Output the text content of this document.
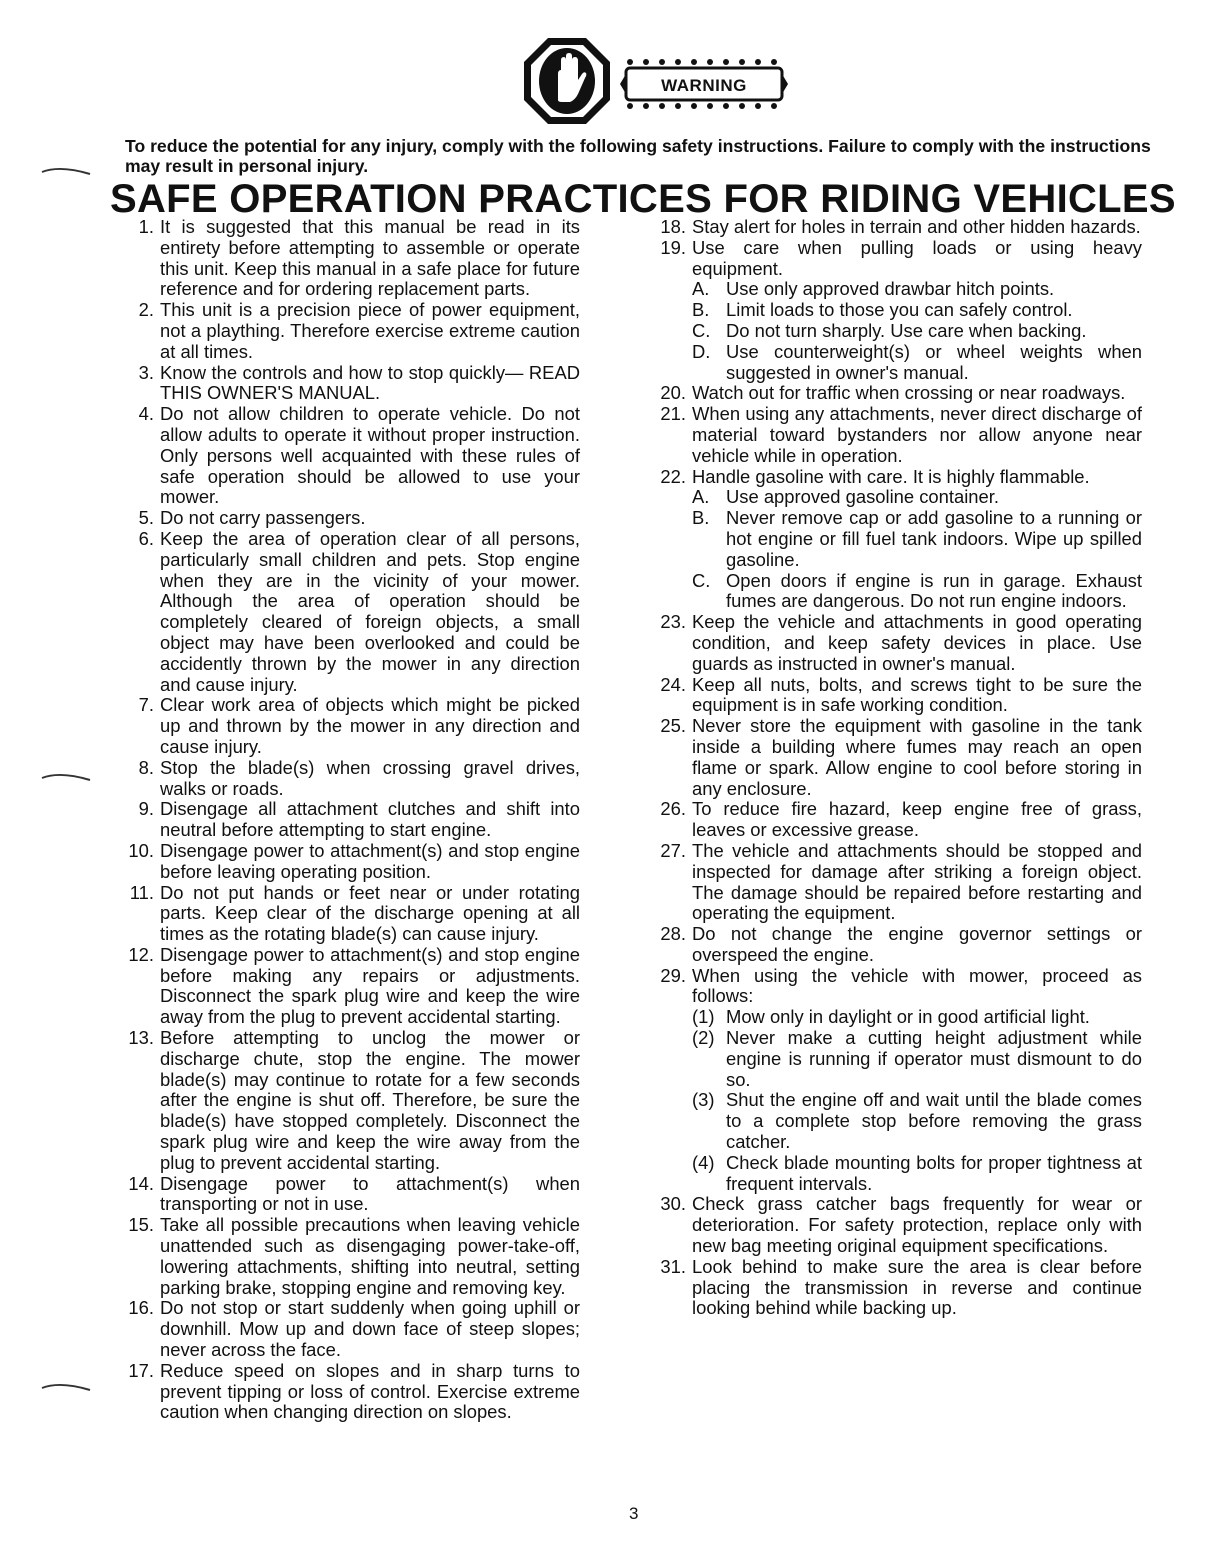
WARNING
To reduce the potential for any injury, comply with the following safety instructions. Failure to comply with the instructions may result in personal injury.
SAFE OPERATION PRACTICES FOR RIDING VEHICLES
1. It is suggested that this manual be read in its entirety before attempting to assemble or operate this unit. Keep this manual in a safe place for future reference and for ordering replacement parts.
2. This unit is a precision piece of power equipment, not a plaything. Therefore exercise extreme caution at all times.
3. Know the controls and how to stop quickly— READ THIS OWNER'S MANUAL.
4. Do not allow children to operate vehicle. Do not allow adults to operate it without proper instruction. Only persons well acquainted with these rules of safe operation should be allowed to use your mower.
5. Do not carry passengers.
6. Keep the area of operation clear of all persons, particularly small children and pets. Stop engine when they are in the vicinity of your mower. Although the area of operation should be completely cleared of foreign objects, a small object may have been overlooked and could be accidently thrown by the mower in any direction and cause injury.
7. Clear work area of objects which might be picked up and thrown by the mower in any direction and cause injury.
8. Stop the blade(s) when crossing gravel drives, walks or roads.
9. Disengage all attachment clutches and shift into neutral before attempting to start engine.
10. Disengage power to attachment(s) and stop engine before leaving operating position.
11. Do not put hands or feet near or under rotating parts. Keep clear of the discharge opening at all times as the rotating blade(s) can cause injury.
12. Disengage power to attachment(s) and stop engine before making any repairs or adjustments. Disconnect the spark plug wire and keep the wire away from the plug to prevent accidental starting.
13. Before attempting to unclog the mower or discharge chute, stop the engine. The mower blade(s) may continue to rotate for a few seconds after the engine is shut off. Therefore, be sure the blade(s) have stopped completely. Disconnect the spark plug wire and keep the wire away from the plug to prevent accidental starting.
14. Disengage power to attachment(s) when transporting or not in use.
15. Take all possible precautions when leaving vehicle unattended such as disengaging power-take-off, lowering attachments, shifting into neutral, setting parking brake, stopping engine and removing key.
16. Do not stop or start suddenly when going uphill or downhill. Mow up and down face of steep slopes; never across the face.
17. Reduce speed on slopes and in sharp turns to prevent tipping or loss of control. Exercise extreme caution when changing direction on slopes.
18. Stay alert for holes in terrain and other hidden hazards.
19. Use care when pulling loads or using heavy equipment.
A. Use only approved drawbar hitch points.
B. Limit loads to those you can safely control.
C. Do not turn sharply. Use care when backing.
D. Use counterweight(s) or wheel weights when suggested in owner's manual.
20. Watch out for traffic when crossing or near roadways.
21. When using any attachments, never direct discharge of material toward bystanders nor allow anyone near vehicle while in operation.
22. Handle gasoline with care. It is highly flammable.
A. Use approved gasoline container.
B. Never remove cap or add gasoline to a running or hot engine or fill fuel tank indoors. Wipe up spilled gasoline.
C. Open doors if engine is run in garage. Exhaust fumes are dangerous. Do not run engine indoors.
23. Keep the vehicle and attachments in good operating condition, and keep safety devices in place. Use guards as instructed in owner's manual.
24. Keep all nuts, bolts, and screws tight to be sure the equipment is in safe working condition.
25. Never store the equipment with gasoline in the tank inside a building where fumes may reach an open flame or spark. Allow engine to cool before storing in any enclosure.
26. To reduce fire hazard, keep engine free of grass, leaves or excessive grease.
27. The vehicle and attachments should be stopped and inspected for damage after striking a foreign object. The damage should be repaired before restarting and operating the equipment.
28. Do not change the engine governor settings or overspeed the engine.
29. When using the vehicle with mower, proceed as follows:
(1) Mow only in daylight or in good artificial light.
(2) Never make a cutting height adjustment while engine is running if operator must dismount to do so.
(3) Shut the engine off and wait until the blade comes to a complete stop before removing the grass catcher.
(4) Check blade mounting bolts for proper tightness at frequent intervals.
30. Check grass catcher bags frequently for wear or deterioration. For safety protection, replace only with new bag meeting original equipment specifications.
31. Look behind to make sure the area is clear before placing the transmission in reverse and continue looking behind while backing up.
3
